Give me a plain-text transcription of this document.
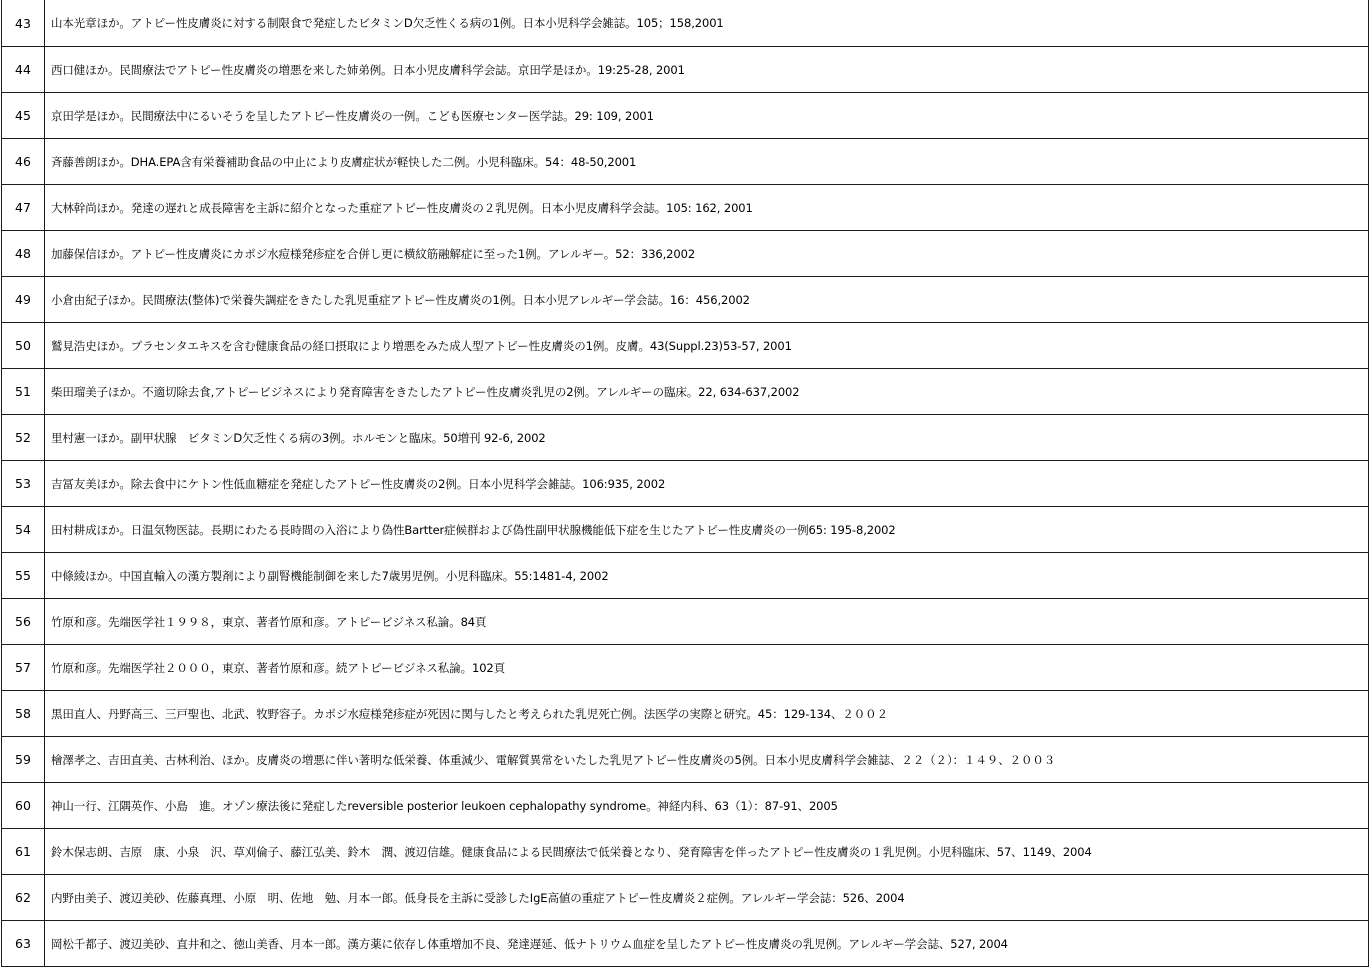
43	山本光章ほか。アトピー性皮膚炎に対する制限食で発症したビタミンD欠乏性くる病の1例。日本小児科学会雑誌。105；158,2001
44	西口健ほか。民間療法でアトピー性皮膚炎の増悪を来した姉弟例。日本小児皮膚科学会誌。京田学是ほか。19:25-28, 2001
45	京田学是ほか。民間療法中にるいそうを呈したアトピー性皮膚炎の一例。こども医療センター医学誌。29: 109, 2001
46	斉藤善朗ほか。DHA.EPA含有栄養補助食品の中止により皮膚症状が軽快した二例。小児科臨床。54：48-50,2001
47	大林幹尚ほか。発達の遅れと成長障害を主訴に紹介となった重症アトピー性皮膚炎の２乳児例。日本小児皮膚科学会誌。105: 162, 2001
48	加藤保信ほか。アトピー性皮膚炎にカポジ水痘様発疹症を合併し更に横紋筋融解症に至った1例。アレルギー。52：336,2002
49	小倉由紀子ほか。民間療法(整体)で栄養失調症をきたした乳児重症アトピー性皮膚炎の1例。日本小児アレルギー学会誌。16：456,2002
50	鷲見浩史ほか。プラセンタエキスを含む健康食品の経口摂取により増悪をみた成人型アトピー性皮膚炎の1例。皮膚。43(Suppl.23)53-57, 2001
51	柴田瑠美子ほか。不適切除去食,アトピービジネスにより発育障害をきたしたアトピー性皮膚炎乳児の2例。アレルギーの臨床。22, 634-637,2002
52	里村憲一ほか。副甲状腺　ビタミンD欠乏性くる病の3例。ホルモンと臨床。50増刊 92-6, 2002
53	吉冨友美ほか。除去食中にケトン性低血糖症を発症したアトピー性皮膚炎の2例。日本小児科学会雑誌。106:935, 2002
54	田村耕成ほか。日温気物医誌。長期にわたる長時間の入浴により偽性Bartter症候群および偽性副甲状腺機能低下症を生じたアトピー性皮膚炎の一例65: 195-8,2002
55	中條綾ほか。中国直輸入の漢方製剤により副腎機能制御を来した7歳男児例。小児科臨床。55:1481-4, 2002
56	竹原和彦。先端医学社１９９８，東京、著者竹原和彦。アトピービジネス私論。84頁
57	竹原和彦。先端医学社２０００，東京、著者竹原和彦。続アトピービジネス私論。102頁
58	黒田直人、丹野高三、三戸聖也、北武、牧野容子。カポジ水痘様発疹症が死因に関与したと考えられた乳児死亡例。法医学の実際と研究。45：129-134、２００２
59	檜澤孝之、吉田直美、古林利治、ほか。皮膚炎の増悪に伴い著明な低栄養、体重減少、電解質異常をいたした乳児アトピー性皮膚炎の5例。日本小児皮膚科学会雑誌、２２（２）：１４９、２００３
60	神山一行、江隅英作、小島　進。オゾン療法後に発症したreversible posterior leukoen cephalopathy syndrome。神経内科、63（1）：87-91、2005
61	鈴木保志朗、吉原　康、小泉　沢、草刈倫子、藤江弘美、鈴木　潤、渡辺信雄。健康食品による民間療法で低栄養となり、発育障害を伴ったアトピー性皮膚炎の１乳児例。小児科臨床、57、1149、2004
62	内野由美子、渡辺美砂、佐藤真理、小原　明、佐地　勉、月本一郎。低身長を主訴に受診したIgE高値の重症アトピー性皮膚炎２症例。アレルギー学会誌：526、2004
63	岡松千都子、渡辺美砂、直井和之、徳山美香、月本一郎。漢方薬に依存し体重増加不良、発達遅延、低ナトリウム血症を呈したアトピー性皮膚炎の乳児例。アレルギー学会誌、527, 2004
